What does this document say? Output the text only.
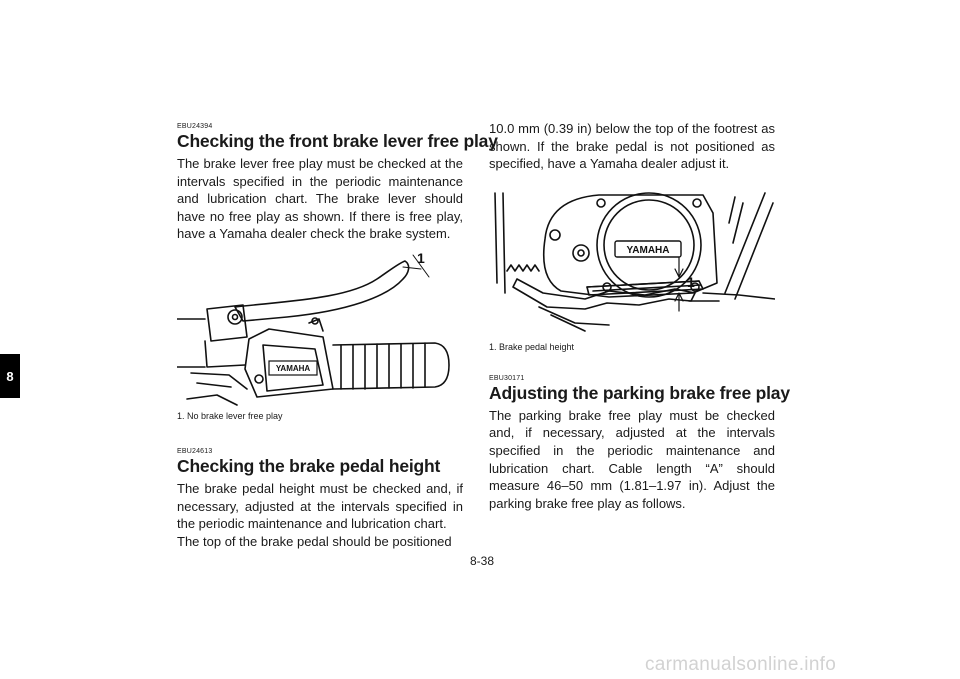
8

EBU24394

Checking the front brake lever free play

The brake lever free play must be checked at the intervals specified in the periodic maintenance and lubrication chart. The brake lever should have no free play as shown. If there is free play, have a Yamaha dealer check the brake system.

1
YAMAHA

1. No brake lever free play

EBU24613

Checking the brake pedal height

The brake pedal height must be checked and, if necessary, adjusted at the intervals specified in the periodic maintenance and lubrication chart.

The top of the brake pedal should be positioned

10.0 mm (0.39 in) below the top of the footrest as shown. If the brake pedal is not positioned as specified, have a Yamaha dealer adjust it.

YAMAHA
1

1. Brake pedal height

EBU30171

Adjusting the parking brake free play

The parking brake free play must be checked and, if necessary, adjusted at the intervals specified in the periodic maintenance and lubrication chart. Cable length “A” should measure 46–50 mm (1.81–1.97 in). Adjust the parking brake free play as follows.

8-38
carmanualsonline.info
